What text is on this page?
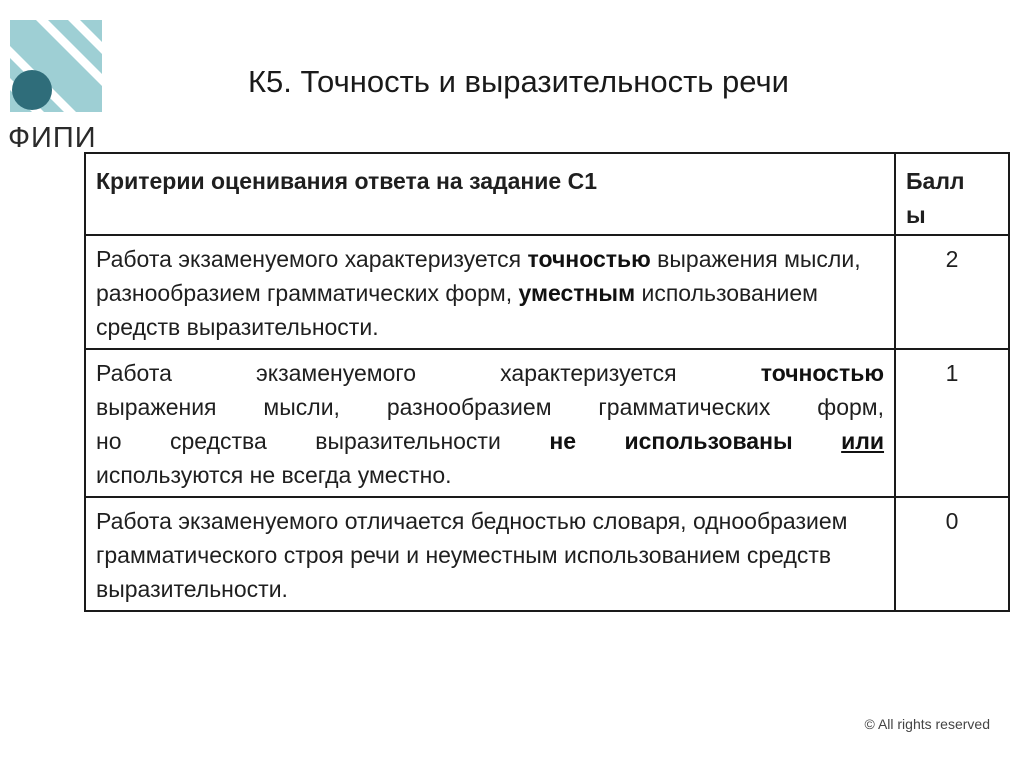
ФИПИ
К5. Точность и выразительность речи
Критерии оценивания ответа на задание С1	Балл
ы
Работа экзаменуемого характеризуется точностью выражения мысли, разнообразием грамматических форм, уместным использованием средств выразительности.	2

Работа экзаменуемого характеризуется точностью
выражения мысли, разнообразием грамматических форм,
но средства выразительности не использованы или
используются не всегда уместно.	1
Работа экзаменуемого отличается бедностью словаря, однообразием грамматического строя речи и неуместным использованием средств выразительности.	0
© All rights reserved
